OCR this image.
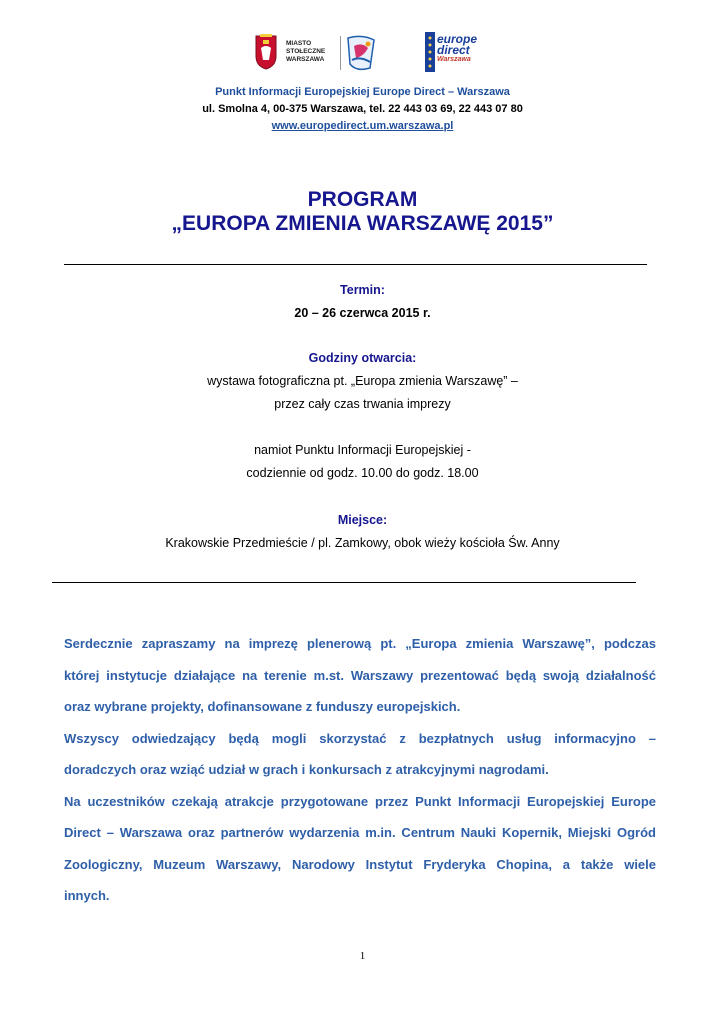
MIASTO
STOŁECZNE
WARSZAWA
europe
direct
Warszawa
Punkt Informacji Europejskiej Europe Direct – Warszawa
ul. Smolna 4, 00-375 Warszawa, tel. 22 443 03 69, 22 443 07 80
www.europedirect.um.warszawa.pl
PROGRAM
„EUROPA ZMIENIA WARSZAWĘ 2015”
Termin:
20 – 26 czerwca 2015 r.
Godziny otwarcia:
wystawa fotograficzna pt. „Europa zmienia Warszawę” –
przez cały czas trwania imprezy
namiot Punktu Informacji Europejskiej -
codziennie od godz. 10.00 do godz. 18.00
Miejsce:
Krakowskie Przedmieście / pl. Zamkowy, obok wieży kościoła Św. Anny

Serdecznie zapraszamy na imprezę plenerową pt. „Europa zmienia Warszawę”, podczas

której instytucje działające na terenie m.st. Warszawy prezentować będą swoją działalność

oraz wybrane projekty, dofinansowane z funduszy europejskich.

Wszyscy odwiedzający będą mogli skorzystać z bezpłatnych usług informacyjno –

doradczych oraz wziąć udział w grach i konkursach z atrakcyjnymi nagrodami.

Na uczestników czekają atrakcje przygotowane przez Punkt Informacji Europejskiej Europe

Direct – Warszawa oraz partnerów wydarzenia m.in. Centrum Nauki Kopernik, Miejski Ogród

Zoologiczny, Muzeum Warszawy, Narodowy Instytut Fryderyka Chopina, a także wiele

innych.

1
